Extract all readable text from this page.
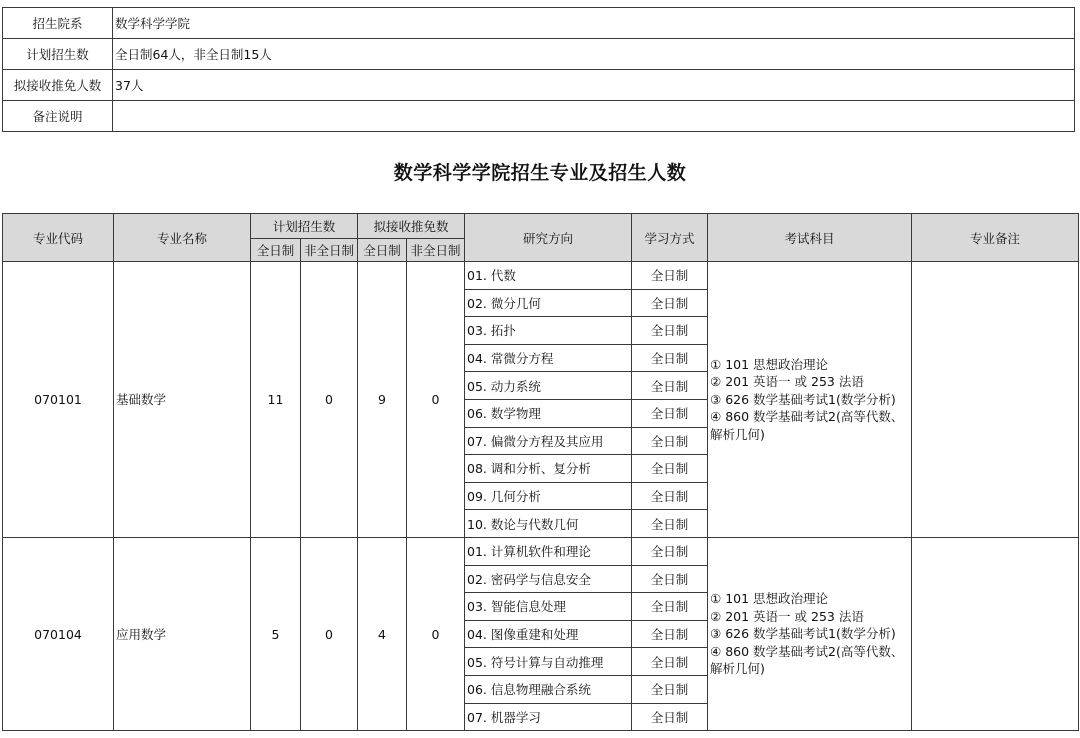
招生院系	数学科学学院
计划招生数	全日制64人，非全日制15人
拟接收推免人数	37人
备注说明	
数学科学学院招生专业及招生人数
专业代码	专业名称	计划招生数		拟接收推免数		研究方向	学习方式	考试科目	专业备注
		全日制	非全日制	全日制	非全日制				
070101	基础数学	11	0	9	0	01. 代数	全日制	① 101 思想政治理论
② 201 英语一 或 253 法语
③ 626 数学基础考试1(数学分析)
④ 860 数学基础考试2(高等代数、
解析几何)	

						02. 微分几何	全日制		
						03. 拓扑	全日制		
						04. 常微分方程	全日制		
						05. 动力系统	全日制		
						06. 数学物理	全日制		
						07. 偏微分方程及其应用	全日制		
						08. 调和分析、复分析	全日制		
						09. 几何分析	全日制		
						10. 数论与代数几何	全日制		
070104	应用数学	5	0	4	0	01. 计算机软件和理论	全日制	① 101 思想政治理论
② 201 英语一 或 253 法语
③ 626 数学基础考试1(数学分析)
④ 860 数学基础考试2(高等代数、
解析几何)	

						02. 密码学与信息安全	全日制		
						03. 智能信息处理	全日制		
						04. 图像重建和处理	全日制		
						05. 符号计算与自动推理	全日制		
						06. 信息物理融合系统	全日制		
						07. 机器学习	全日制		
